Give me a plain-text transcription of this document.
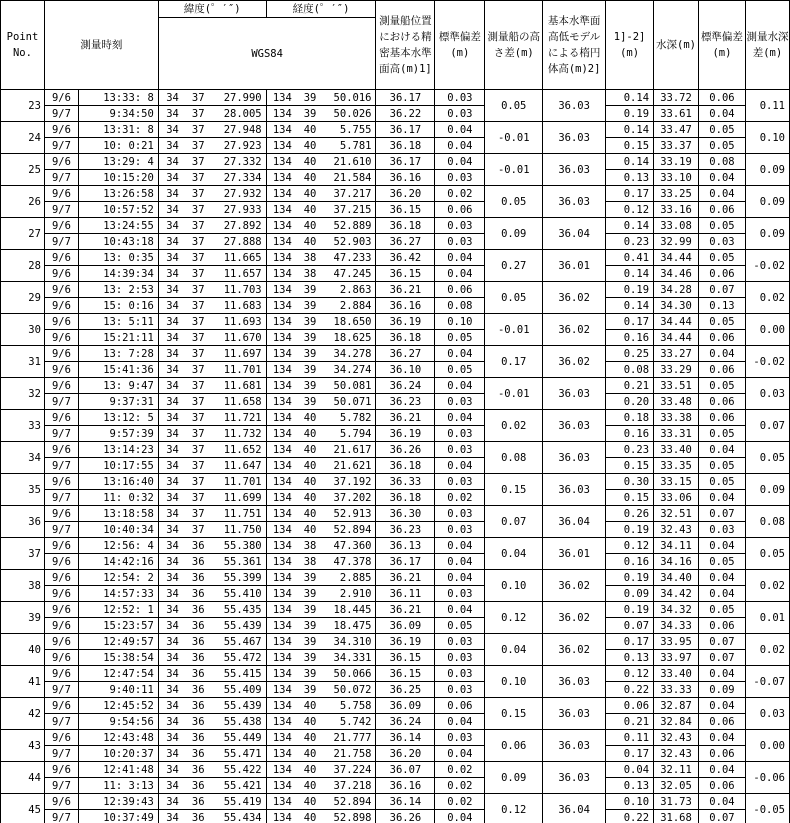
Point No.	測量時刻		緯度(゜′″)			経度(゜′″)			測量船位置における精密基本水準面高(m)1]	標準偏差(m)	測量船の高さ差(m)	基本水準面高低モデルによる楕円体高(m)2]	1]-2](m)	水深(m)	標準偏差(m)	測量水深差(m)
			WGS84													
23	9/6	13:33: 8	34	37	27.990	134	39	50.016	36.17	0.03	0.05	36.03	0.14	33.72	0.06	0.11
	9/7	9:34:50	34	37	28.005	134	39	50.026	36.22	0.03			0.19	33.61	0.04	
24	9/6	13:31: 8	34	37	27.948	134	40	5.755	36.17	0.04	-0.01	36.03	0.14	33.47	0.05	0.10
	9/7	10: 0:21	34	37	27.923	134	40	5.781	36.18	0.04			0.15	33.37	0.05	
25	9/6	13:29: 4	34	37	27.332	134	40	21.610	36.17	0.04	-0.01	36.03	0.14	33.19	0.08	0.09
	9/7	10:15:20	34	37	27.334	134	40	21.584	36.16	0.03			0.13	33.10	0.04	
26	9/6	13:26:58	34	37	27.932	134	40	37.217	36.20	0.02	0.05	36.03	0.17	33.25	0.04	0.09
	9/7	10:57:52	34	37	27.933	134	40	37.215	36.15	0.06			0.12	33.16	0.06	
27	9/6	13:24:55	34	37	27.892	134	40	52.889	36.18	0.03	0.09	36.04	0.14	33.08	0.05	0.09
	9/7	10:43:18	34	37	27.888	134	40	52.903	36.27	0.03			0.23	32.99	0.03	
28	9/6	13: 0:35	34	37	11.665	134	38	47.233	36.42	0.04	0.27	36.01	0.41	34.44	0.05	-0.02
	9/6	14:39:34	34	37	11.657	134	38	47.245	36.15	0.04			0.14	34.46	0.06	
29	9/6	13: 2:53	34	37	11.703	134	39	2.863	36.21	0.06	0.05	36.02	0.19	34.28	0.07	0.02
	9/6	15: 0:16	34	37	11.683	134	39	2.884	36.16	0.08			0.14	34.30	0.13	
30	9/6	13: 5:11	34	37	11.693	134	39	18.650	36.19	0.10	-0.01	36.02	0.17	34.44	0.05	0.00
	9/6	15:21:11	34	37	11.670	134	39	18.625	36.18	0.05			0.16	34.44	0.06	
31	9/6	13: 7:28	34	37	11.697	134	39	34.278	36.27	0.04	0.17	36.02	0.25	33.27	0.04	-0.02
	9/6	15:41:36	34	37	11.701	134	39	34.274	36.10	0.05			0.08	33.29	0.06	
32	9/6	13: 9:47	34	37	11.681	134	39	50.081	36.24	0.04	-0.01	36.03	0.21	33.51	0.05	0.03
	9/7	9:37:31	34	37	11.658	134	39	50.071	36.23	0.03			0.20	33.48	0.06	
33	9/6	13:12: 5	34	37	11.721	134	40	5.782	36.21	0.04	0.02	36.03	0.18	33.38	0.06	0.07
	9/7	9:57:39	34	37	11.732	134	40	5.794	36.19	0.03			0.16	33.31	0.05	
34	9/6	13:14:23	34	37	11.652	134	40	21.617	36.26	0.03	0.08	36.03	0.23	33.40	0.04	0.05
	9/7	10:17:55	34	37	11.647	134	40	21.621	36.18	0.04			0.15	33.35	0.05	
35	9/6	13:16:40	34	37	11.701	134	40	37.192	36.33	0.03	0.15	36.03	0.30	33.15	0.05	0.09
	9/7	11: 0:32	34	37	11.699	134	40	37.202	36.18	0.02			0.15	33.06	0.04	
36	9/6	13:18:58	34	37	11.751	134	40	52.913	36.30	0.03	0.07	36.04	0.26	32.51	0.07	0.08
	9/7	10:40:34	34	37	11.750	134	40	52.894	36.23	0.03			0.19	32.43	0.03	
37	9/6	12:56: 4	34	36	55.380	134	38	47.360	36.13	0.04	0.04	36.01	0.12	34.11	0.04	0.05
	9/6	14:42:16	34	36	55.361	134	38	47.378	36.17	0.04			0.16	34.16	0.05	
38	9/6	12:54: 2	34	36	55.399	134	39	2.885	36.21	0.04	0.10	36.02	0.19	34.40	0.04	0.02
	9/6	14:57:33	34	36	55.410	134	39	2.910	36.11	0.03			0.09	34.42	0.04	
39	9/6	12:52: 1	34	36	55.435	134	39	18.445	36.21	0.04	0.12	36.02	0.19	34.32	0.05	0.01
	9/6	15:23:57	34	36	55.439	134	39	18.475	36.09	0.05			0.07	34.33	0.06	
40	9/6	12:49:57	34	36	55.467	134	39	34.310	36.19	0.03	0.04	36.02	0.17	33.95	0.07	0.02
	9/6	15:38:54	34	36	55.472	134	39	34.331	36.15	0.03			0.13	33.97	0.07	
41	9/6	12:47:54	34	36	55.415	134	39	50.066	36.15	0.03	0.10	36.03	0.12	33.40	0.04	-0.07
	9/7	9:40:11	34	36	55.409	134	39	50.072	36.25	0.03			0.22	33.33	0.09	
42	9/6	12:45:52	34	36	55.439	134	40	5.758	36.09	0.06	0.15	36.03	0.06	32.87	0.04	0.03
	9/7	9:54:56	34	36	55.438	134	40	5.742	36.24	0.04			0.21	32.84	0.06	
43	9/6	12:43:48	34	36	55.449	134	40	21.777	36.14	0.03	0.06	36.03	0.11	32.43	0.04	0.00
	9/7	10:20:37	34	36	55.471	134	40	21.758	36.20	0.04			0.17	32.43	0.06	
44	9/6	12:41:48	34	36	55.422	134	40	37.224	36.07	0.02	0.09	36.03	0.04	32.11	0.04	-0.06
	9/7	11: 3:13	34	36	55.421	134	40	37.218	36.16	0.02			0.13	32.05	0.06	
45	9/6	12:39:43	34	36	55.419	134	40	52.894	36.14	0.02	0.12	36.04	0.10	31.73	0.04	-0.05
	9/7	10:37:49	34	36	55.434	134	40	52.898	36.26	0.04			0.22	31.68	0.07	
